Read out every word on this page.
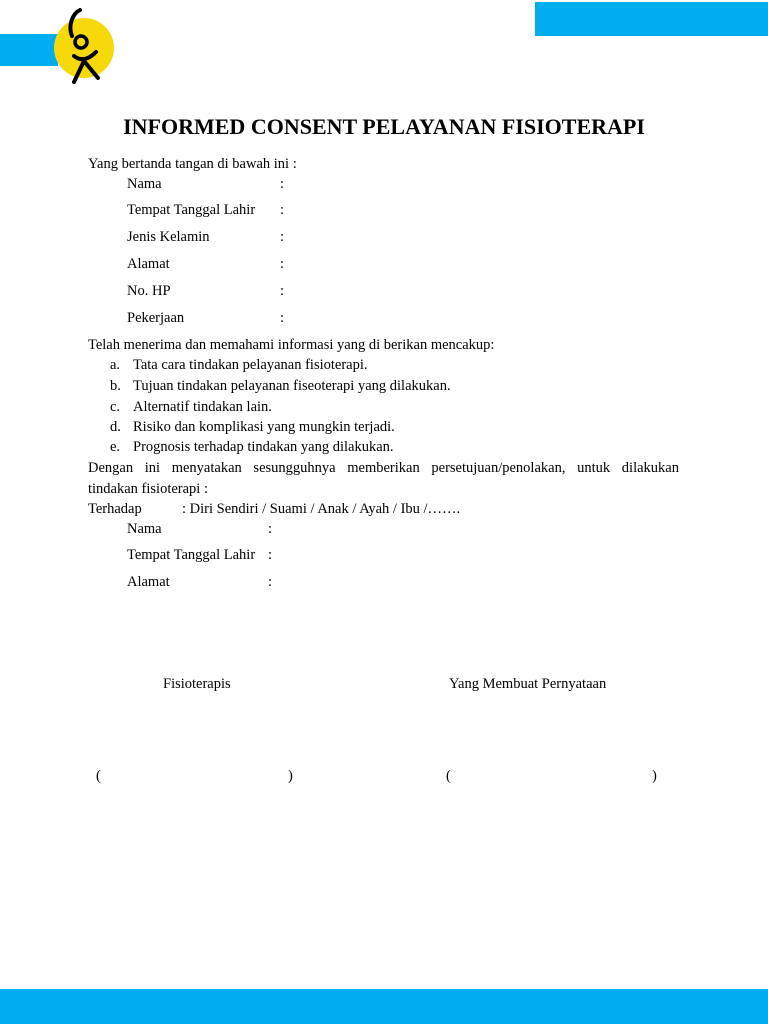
INFORMED CONSENT PELAYANAN FISIOTERAPI
Yang bertanda tangan di bawah ini :
Nama	:
Tempat Tanggal Lahir :
Jenis Kelamin	:
Alamat	:
No. HP	:
Pekerjaan	:
Telah menerima dan memahami informasi yang di berikan mencakup:
a. Tata cara tindakan pelayanan fisioterapi.
b. Tujuan tindakan pelayanan fiseoterapi yang dilakukan.
c. Alternatif tindakan lain.
d. Risiko dan komplikasi yang mungkin terjadi.
e. Prognosis terhadap tindakan yang dilakukan.
Dengan ini menyatakan sesungguhnya memberikan persetujuan/penolakan, untuk dilakukan
tindakan fisioterapi :
Terhadap	: Diri Sendiri / Suami / Anak / Ayah / Ibu /…….
Nama	:
Tempat Tanggal Lahir :
Alamat	:
Fisioterapis	Yang Membuat Pernyataan
(	)	(	)
